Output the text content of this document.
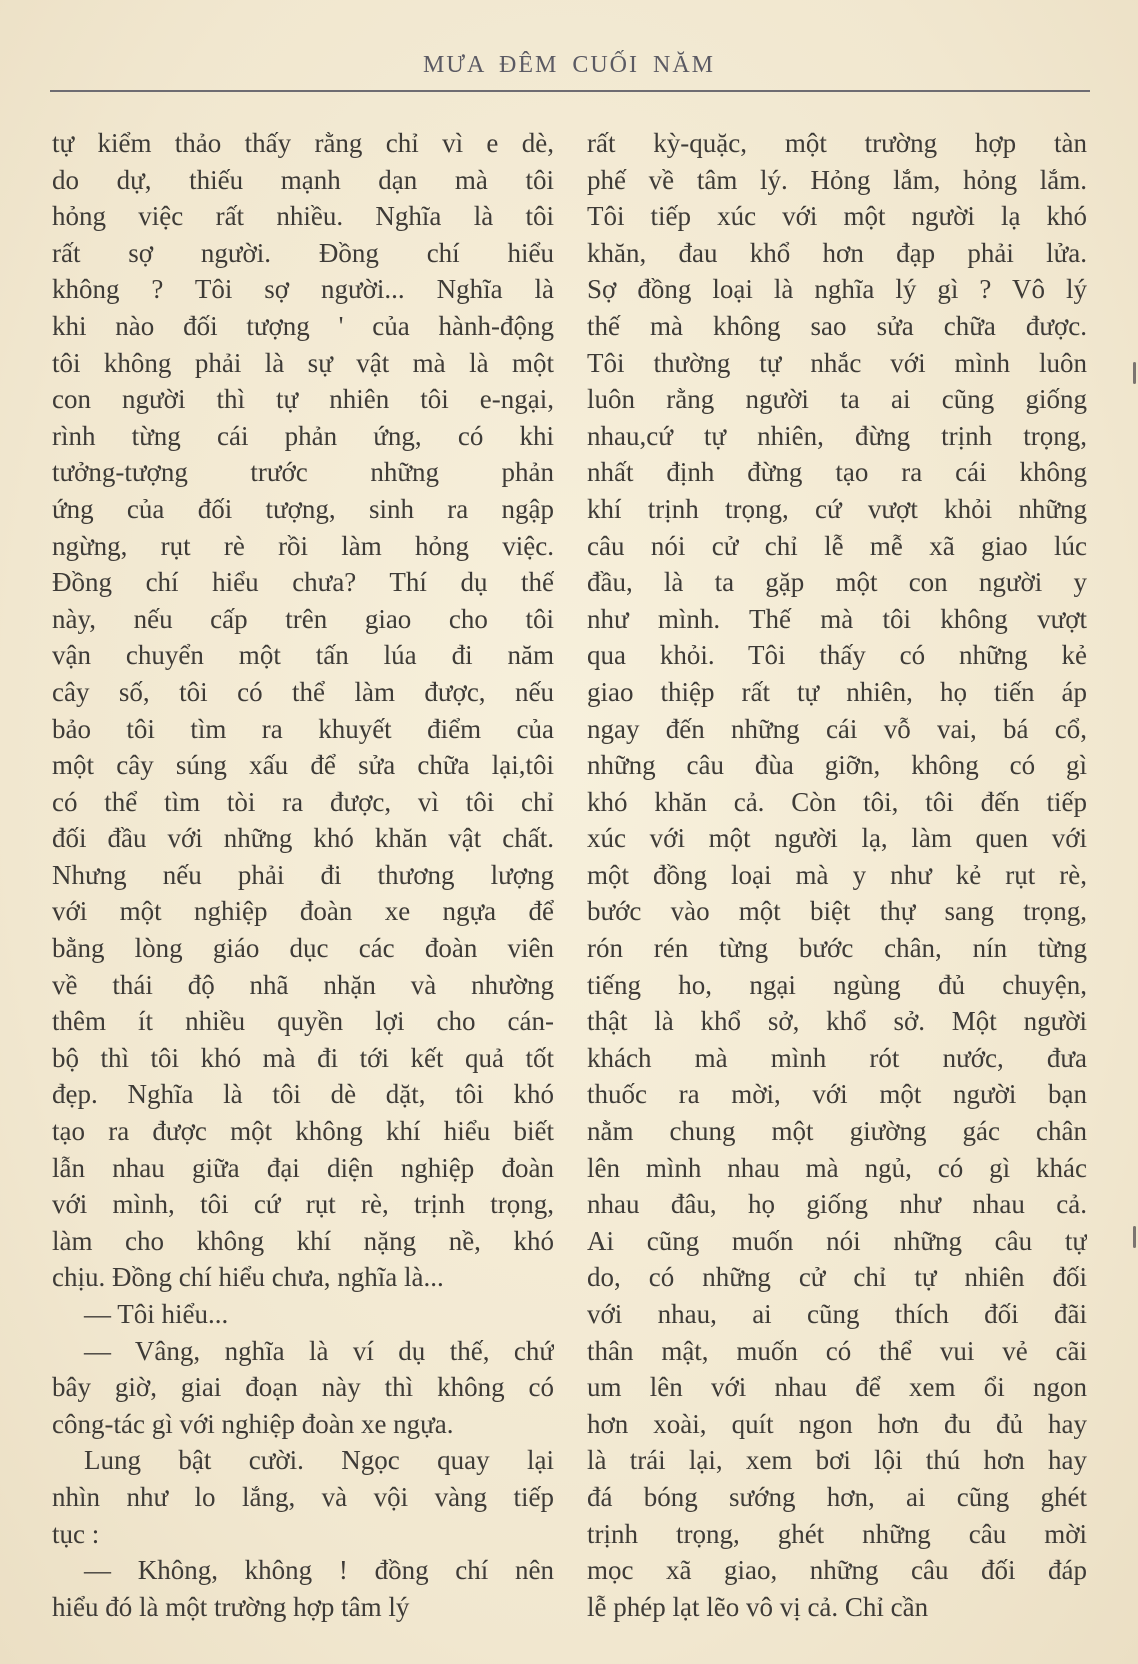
MƯA ĐÊM CUỐI NĂM
tự kiểm thảo thấy rằng chỉ vì e dè,
do dự, thiếu mạnh dạn mà tôi
hỏng việc rất nhiều. Nghĩa là tôi
rất sợ người. Đồng chí hiểu
không ? Tôi sợ người... Nghĩa là
khi nào đối tượng ' của hành-động
tôi không phải là sự vật mà là một
con người thì tự nhiên tôi e-ngại,
rình từng cái phản ứng, có khi
tưởng-tượng trước những phản
ứng của đối tượng, sinh ra ngập
ngừng, rụt rè rồi làm hỏng việc.
Đồng chí hiểu chưa? Thí dụ thế
này, nếu cấp trên giao cho tôi
vận chuyển một tấn lúa đi năm
cây số, tôi có thể làm được, nếu
bảo tôi tìm ra khuyết điểm của
một cây súng xấu để sửa chữa lại,tôi
có thể tìm tòi ra được, vì tôi chỉ
đối đầu với những khó khăn vật chất.
Nhưng nếu phải đi thương lượng
với một nghiệp đoàn xe ngựa để
bằng lòng giáo dục các đoàn viên
về thái độ nhã nhặn và nhường
thêm ít nhiều quyền lợi cho cán-
bộ thì tôi khó mà đi tới kết quả tốt
đẹp. Nghĩa là tôi dè dặt, tôi khó
tạo ra được một không khí hiểu biết
lẫn nhau giữa đại diện nghiệp đoàn
với mình, tôi cứ rụt rè, trịnh trọng,
làm cho không khí nặng nề, khó
chịu. Đồng chí hiểu chưa, nghĩa là...
— Tôi hiểu...
— Vâng, nghĩa là ví dụ thế, chứ
bây giờ, giai đoạn này thì không có
công-tác gì với nghiệp đoàn xe ngựa.
Lung bật cười. Ngọc quay lại
nhìn như lo lắng, và vội vàng tiếp
tục :
— Không, không ! đồng chí nên
hiểu đó là một trường hợp tâm lý
rất kỳ-quặc, một trường hợp tàn
phế về tâm lý. Hỏng lắm, hỏng lắm.
Tôi tiếp xúc với một người lạ khó
khăn, đau khổ hơn đạp phải lửa.
Sợ đồng loại là nghĩa lý gì ? Vô lý
thế mà không sao sửa chữa được.
Tôi thường tự nhắc với mình luôn
luôn rằng người ta ai cũng giống
nhau,cứ tự nhiên, đừng trịnh trọng,
nhất định đừng tạo ra cái không
khí trịnh trọng, cứ vượt khỏi những
câu nói cử chỉ lễ mễ xã giao lúc
đầu, là ta gặp một con người y
như mình. Thế mà tôi không vượt
qua khỏi. Tôi thấy có những kẻ
giao thiệp rất tự nhiên, họ tiến áp
ngay đến những cái vỗ vai, bá cổ,
những câu đùa giỡn, không có gì
khó khăn cả. Còn tôi, tôi đến tiếp
xúc với một người lạ, làm quen với
một đồng loại mà y như kẻ rụt rè,
bước vào một biệt thự sang trọng,
rón rén từng bước chân, nín từng
tiếng ho, ngại ngùng đủ chuyện,
thật là khổ sở, khổ sở. Một người
khách mà mình rót nước, đưa
thuốc ra mời, với một người bạn
nằm chung một giường gác chân
lên mình nhau mà ngủ, có gì khác
nhau đâu, họ giống như nhau cả.
Ai cũng muốn nói những câu tự
do, có những cử chỉ tự nhiên đối
với nhau, ai cũng thích đối đãi
thân mật, muốn có thể vui vẻ cãi
um lên với nhau để xem ổi ngon
hơn xoài, quít ngon hơn đu đủ hay
là trái lại, xem bơi lội thú hơn hay
đá bóng sướng hơn, ai cũng ghét
trịnh trọng, ghét những câu mời
mọc xã giao, những câu đối đáp
lễ phép lạt lẽo vô vị cả. Chỉ cần
